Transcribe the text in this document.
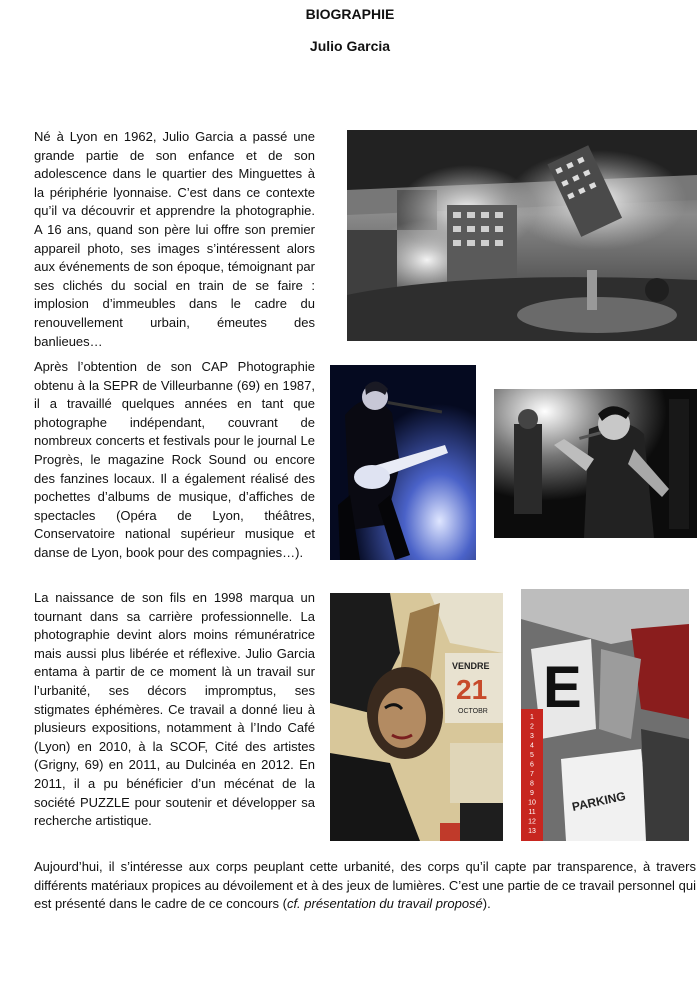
BIOGRAPHIE
Julio Garcia

Né à Lyon en 1962, Julio Garcia a passé une grande partie de son enfance et de son adolescence dans le quartier des Minguettes à la périphérie lyonnaise. C’est dans ce contexte qu’il va découvrir et apprendre la photographie. A 16 ans, quand son père lui offre son premier appareil photo, ses images s’intéressent alors aux événements de son époque, témoignant par ses clichés du social en train de se faire : implosion d’immeubles dans le cadre du renouvellement urbain, émeutes des banlieues…

Après l’obtention de son CAP Photographie obtenu à la SEPR de Villeurbanne (69) en 1987, il a travaillé quelques années en tant que photographe indépendant, couvrant de nombreux concerts et festivals pour le journal Le Progrès, le magazine Rock Sound ou encore des fanzines locaux. Il a également réalisé des pochettes d’albums de musique, d’affiches de spectacles (Opéra de Lyon, théâtres, Conservatoire national supérieur musique et danse de Lyon, book pour des compagnies…).

La naissance de son fils en 1998 marqua un tournant dans sa carrière professionnelle. La photographie devint alors moins rémunératrice mais aussi plus libérée et réflexive. Julio Garcia entama à partir de ce moment là un travail sur l’urbanité, ses décors impromptus, ses stigmates éphémères. Ce travail a donné lieu à plusieurs expositions, notamment à l’Indo Café (Lyon) en 2010, à la SCOF, Cité des artistes (Grigny, 69) en 2011, au Dulcinéa en 2012. En 2011, il a pu bénéficier d’un mécénat de la société PUZZLE pour soutenir et développer sa recherche artistique.

VENDRE
21
OCTOBR E
1
2
3
4
5
6
7
8
9
10
11
12
13
PARKING

Aujourd’hui, il s’intéresse aux corps peuplant cette urbanité, des corps qu’il capte par transparence, à travers différents matériaux propices au dévoilement et à des jeux de lumières. C’est une partie de ce travail personnel qui est présenté dans le cadre de ce concours (cf. présentation du travail proposé).
